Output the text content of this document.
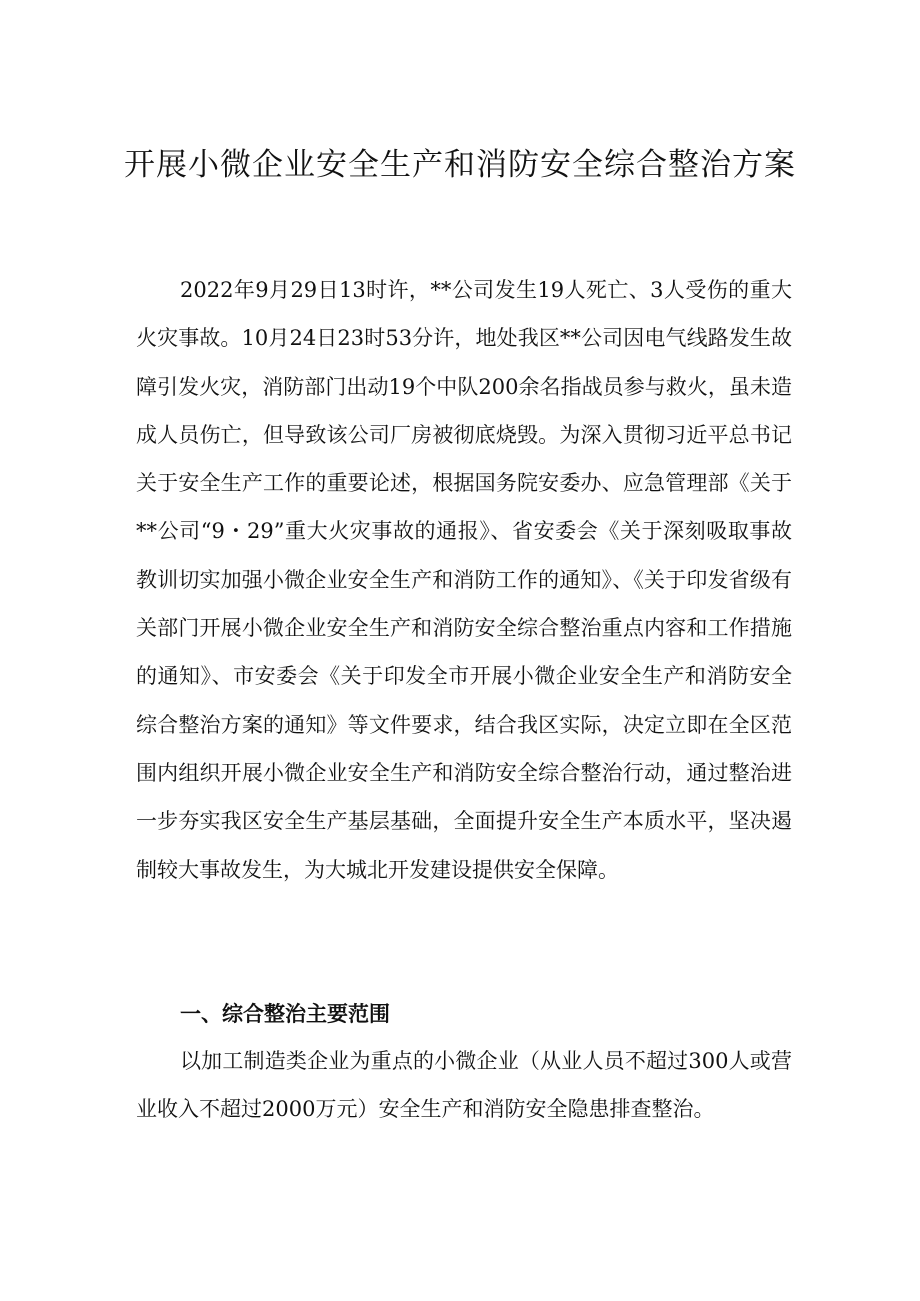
开展小微企业安全生产和消防安全综合整治方案

2022年9月29日13时许，**公司发生19人死亡、3人受伤的重大火灾事故。10月24日23时53分许，地处我区**公司因电气线路发生故障引发火灾，消防部门出动19个中队200余名指战员参与救火，虽未造成人员伤亡，但导致该公司厂房被彻底烧毁。为深入贯彻习近平总书记关于安全生产工作的重要论述，根据国务院安委办、应急管理部《关于**公司“9・29”重大火灾事故的通报》、省安委会《关于深刻吸取事故教训切实加强小微企业安全生产和消防工作的通知》、《关于印发省级有关部门开展小微企业安全生产和消防安全综合整治重点内容和工作措施的通知》、市安委会《关于印发全市开展小微企业安全生产和消防安全综合整治方案的通知》等文件要求，结合我区实际，决定立即在全区范围内组织开展小微企业安全生产和消防安全综合整治行动，通过整治进一步夯实我区安全生产基层基础，全面提升安全生产本质水平，坚决遏制较大事故发生，为大城北开发建设提供安全保障。

一、综合整治主要范围

以加工制造类企业为重点的小微企业（从业人员不超过300人或营业收入不超过2000万元）安全生产和消防安全隐患排查整治。
